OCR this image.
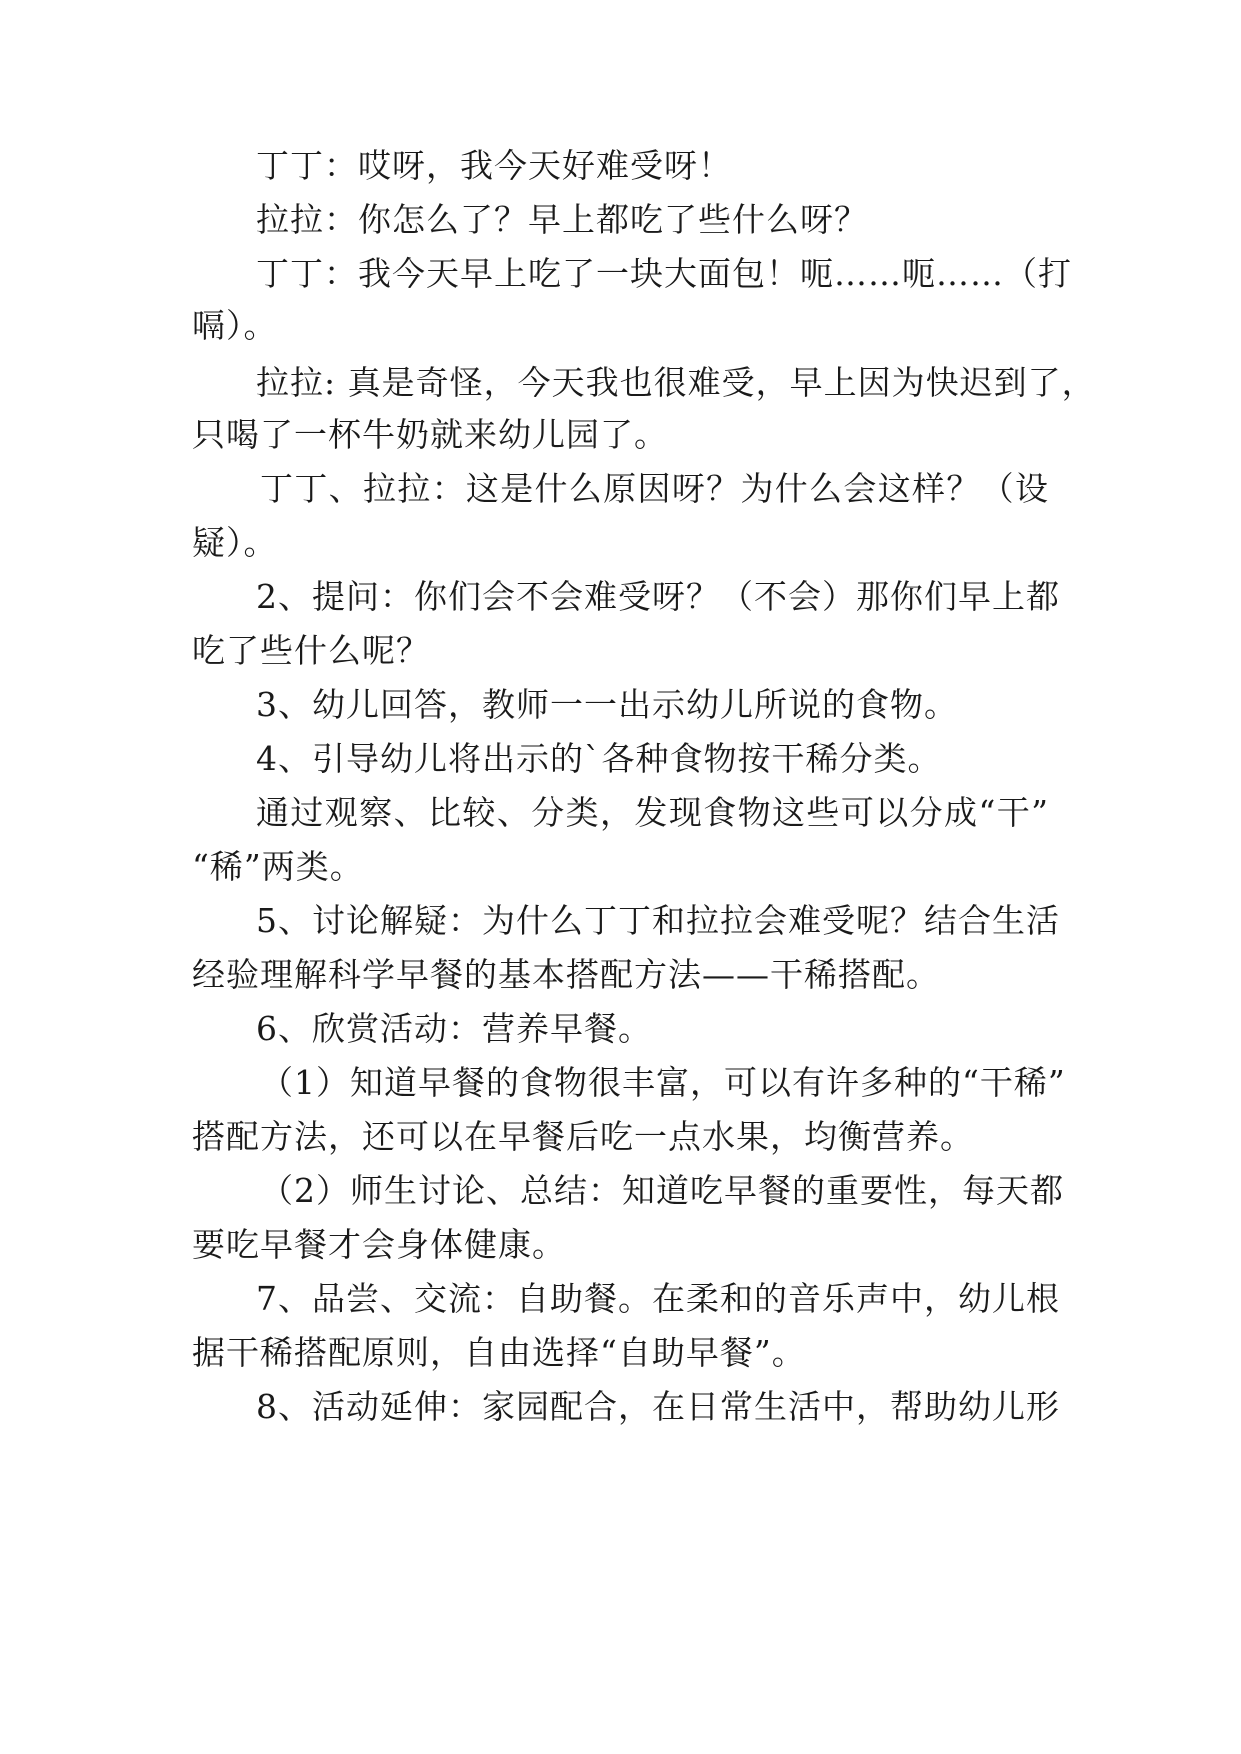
丁丁：哎呀，我今天好难受呀！

拉拉：你怎么了？早上都吃了些什么呀？

丁丁：我今天早上吃了一块大面包！呃……呃……（打

嗝）。

拉拉: 真是奇怪，今天我也很难受，早上因为快迟到了，

只喝了一杯牛奶就来幼儿园了。

丁丁、拉拉：这是什么原因呀？为什么会这样？（设

疑）。

2、提问：你们会不会难受呀？（不会）那你们早上都

吃了些什么呢？

3、幼儿回答，教师一一出示幼儿所说的食物。

4、引导幼儿将出示的`各种食物按干稀分类。

通过观察、比较、分类，发现食物这些可以分成“干”

“稀”两类。

5、讨论解疑：为什么丁丁和拉拉会难受呢？结合生活

经验理解科学早餐的基本搭配方法——干稀搭配。

6、欣赏活动：营养早餐。

（1）知道早餐的食物很丰富，可以有许多种的“干稀”

搭配方法，还可以在早餐后吃一点水果，均衡营养。

（2）师生讨论、总结：知道吃早餐的重要性，每天都

要吃早餐才会身体健康。

7、品尝、交流：自助餐。在柔和的音乐声中，幼儿根

据干稀搭配原则，自由选择“自助早餐”。

8、活动延伸：家园配合，在日常生活中，帮助幼儿形
